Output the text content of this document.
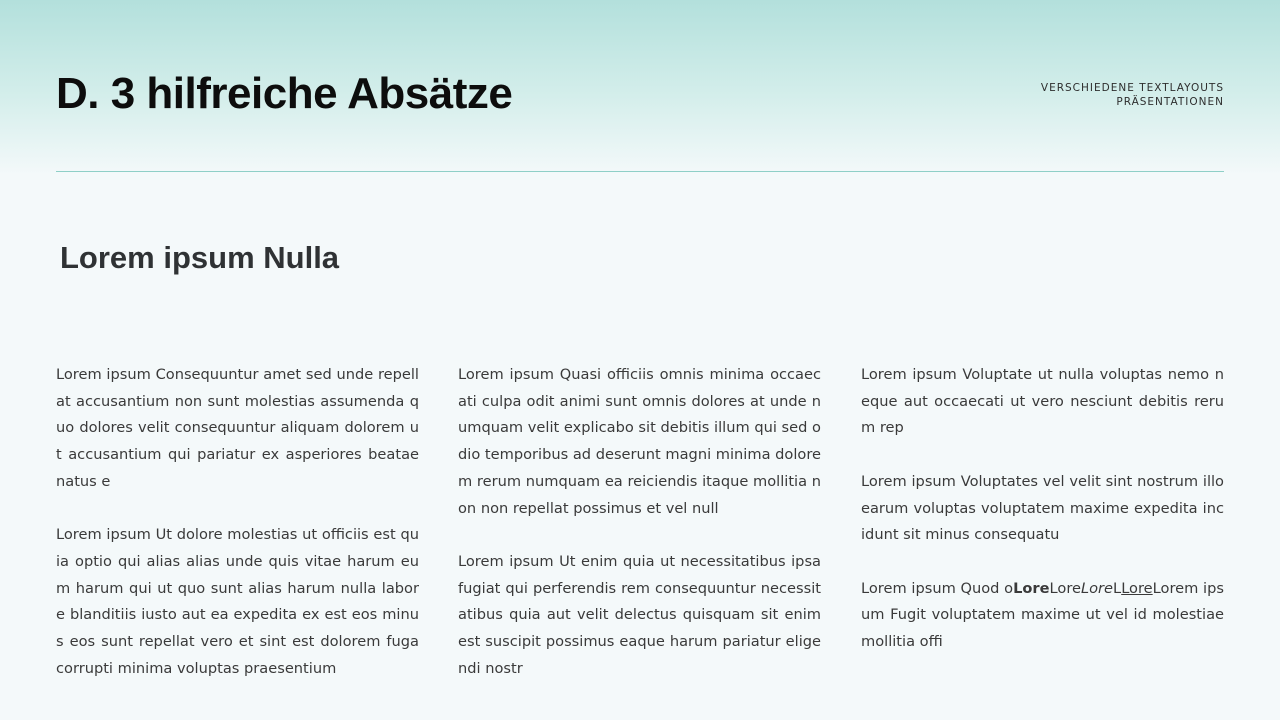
D. 3 hilfreiche Absätze	VERSCHIEDENE TEXTLAYOUTS
PRÄSENTATIONEN
Lorem ipsum Nulla

Lorem ipsum Consequuntur amet sed unde repellat accusantium non sunt molestias assumenda quo dolores velit consequuntur aliquam dolorem ut accusantium qui pariatur ex asperiores beatae natus e

Lorem ipsum Ut dolore molestias ut officiis est quia optio qui alias alias unde quis vitae harum eum harum qui ut quo sunt alias harum nulla labore blanditiis iusto aut ea expedita ex est eos minus eos sunt repellat vero et sint est dolorem fuga corrupti minima voluptas praesentium

Lorem ipsum Quasi officiis omnis minima occaecati culpa odit animi sunt omnis dolores at unde numquam velit explicabo sit debitis illum qui sed odio temporibus ad deserunt magni minima dolorem rerum numquam ea reiciendis itaque mollitia non non repellat possimus et vel null

Lorem ipsum Ut enim quia ut necessitatibus ipsa fugiat qui perferendis rem consequuntur necessitatibus quia aut velit delectus quisquam sit enim est suscipit possimus eaque harum pariatur eligendi nostr

Lorem ipsum Voluptate ut nulla voluptas nemo neque aut occaecati ut vero nesciunt debitis rerum rep

Lorem ipsum Voluptates vel velit sint nostrum illo earum voluptas voluptatem maxime expedita incidunt sit minus consequatu

Lorem ipsum Quod oLoreLoreLoreLLoreLorem ipsum Fugit voluptatem maxime ut vel id molestiae mollitia offi
